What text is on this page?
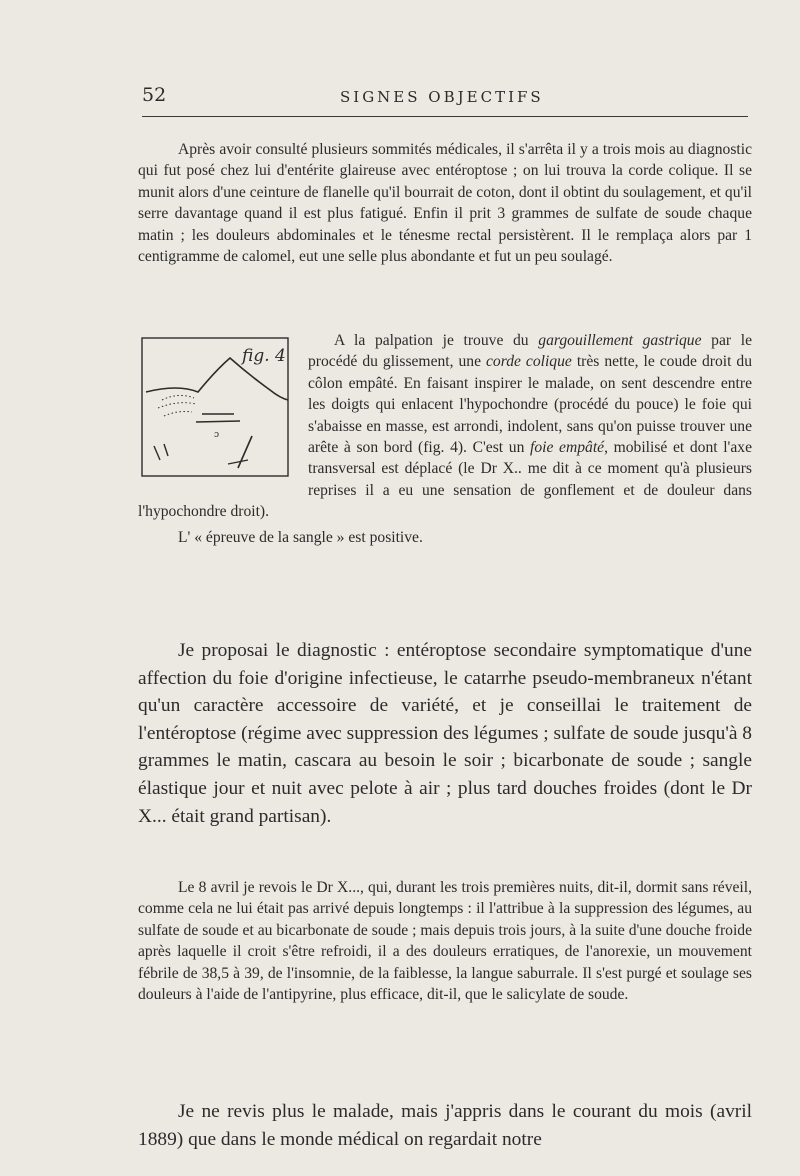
52	SIGNES OBJECTIFS

Après avoir consulté plusieurs sommités médicales, il s'arrêta il y a trois mois au diagnostic qui fut posé chez lui d'entérite glaireuse avec entéroptose ; on lui trouva la corde colique. Il se munit alors d'une ceinture de flanelle qu'il bourrait de coton, dont il obtint du soulagement, et qu'il serre davantage quand il est plus fatigué. Enfin il prit 3 grammes de sulfate de soude chaque matin ; les douleurs abdominales et le ténesme rectal persistèrent. Il le remplaça alors par 1 centigramme de calomel, eut une selle plus abondante et fut un peu soulagé.

ɔ
fig. 4

A la palpation je trouve du gargouillement gastrique par le procédé du glissement, une corde colique très nette, le coude droit du côlon empâté. En faisant inspirer le malade, on sent descendre entre les doigts qui enlacent l'hypochondre (procédé du pouce) le foie qui s'abaisse en masse, est arrondi, indolent, sans qu'on puisse trouver une arête à son bord (fig. 4). C'est un foie empâté, mobilisé et dont l'axe transversal est déplacé (le Dr X.. me dit à ce moment qu'à plusieurs reprises il a eu une sensation de gonflement et de douleur dans l'hypochondre droit).

L' « épreuve de la sangle » est positive.

Je proposai le diagnostic : entéroptose secondaire symptomatique d'une affection du foie d'origine infectieuse, le catarrhe pseudo-membraneux n'étant qu'un caractère accessoire de variété, et je conseillai le traitement de l'entéroptose (régime avec suppression des légumes ; sulfate de soude jusqu'à 8 grammes le matin, cascara au besoin le soir ; bicarbonate de soude ; sangle élastique jour et nuit avec pelote à air ; plus tard douches froides (dont le Dr X... était grand partisan).

Le 8 avril je revois le Dr X..., qui, durant les trois premières nuits, dit-il, dormit sans réveil, comme cela ne lui était pas arrivé depuis longtemps : il l'attribue à la suppression des légumes, au sulfate de soude et au bicarbonate de soude ; mais depuis trois jours, à la suite d'une douche froide après laquelle il croit s'être refroidi, il a des douleurs erratiques, de l'anorexie, un mouvement fébrile de 38,5 à 39, de l'insomnie, de la faiblesse, la langue saburrale. Il s'est purgé et soulage ses douleurs à l'aide de l'antipyrine, plus efficace, dit-il, que le salicylate de soude.

Je ne revis plus le malade, mais j'appris dans le courant du mois (avril 1889) que dans le monde médical on regardait notre
